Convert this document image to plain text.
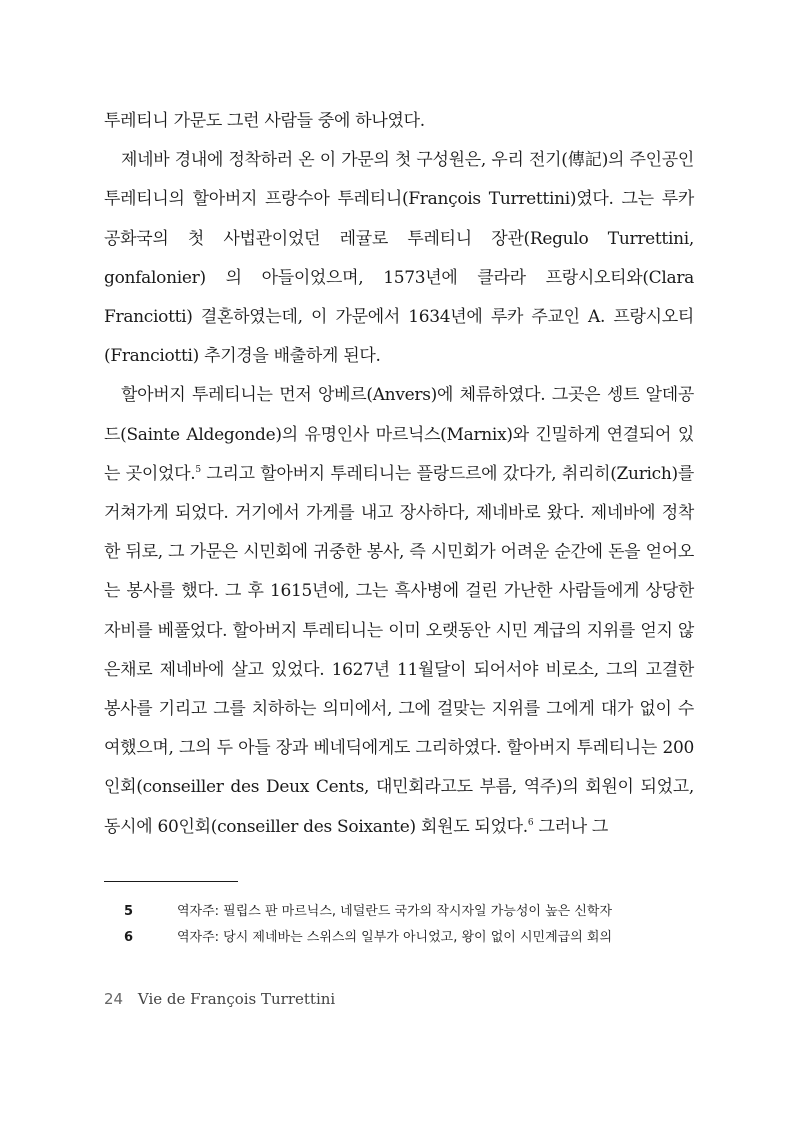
투레티니 가문도 그런 사람들 중에 하나였다.

제네바 경내에 정착하러 온 이 가문의 첫 구성원은, 우리 전기(傳記)의 주인공인 투레티니의 할아버지 프랑수아 투레티니(François Turrettini)였다. 그는 루카 공화국의 첫 사법관이었던 레귤로 투레티니 장관(Regulo Turrettini, gonfalonier) 의 아들이었으며, 1573년에 클라라 프랑시오티와(Clara Franciotti) 결혼하였는데, 이 가문에서 1634년에 루카 주교인 A. 프랑시오티(Franciotti) 추기경을 배출하게 된다.

할아버지 투레티니는 먼저 앙베르(Anvers)에 체류하였다. 그곳은 셍트 알데공드(Sainte Aldegonde)의 유명인사 마르닉스(Marnix)와 긴밀하게 연결되어 있는 곳이었다.$^5$ 그리고 할아버지 투레티니는 플랑드르에 갔다가, 취리히(Zurich)를 거쳐가게 되었다. 거기에서 가게를 내고 장사하다, 제네바로 왔다. 제네바에 정착한 뒤로, 그 가문은 시민회에 귀중한 봉사, 즉 시민회가 어려운 순간에 돈을 얻어오는 봉사를 했다. 그 후 1615년에, 그는 흑사병에 걸린 가난한 사람들에게 상당한 자비를 베풀었다. 할아버지 투레티니는 이미 오랫동안 시민 계급의 지위를 얻지 않은채로 제네바에 살고 있었다. 1627년 11월달이 되어서야 비로소, 그의 고결한 봉사를 기리고 그를 치하하는 의미에서, 그에 걸맞는 지위를 그에게 대가 없이 수여했으며, 그의 두 아들 장과 베네딕에게도 그리하였다. 할아버지 투레티니는 200인회(conseiller des Deux Cents, 대민회라고도 부름, 역주)의 회원이 되었고, 동시에 60인회(conseiller des Soixante) 회원도 되었다.$^6$ 그러나 그

5	역자주: 필립스 판 마르닉스, 네덜란드 국가의 작시자일 가능성이 높은 신학자
6	역자주: 당시 제네바는 스위스의 일부가 아니었고, 왕이 없이 시민계급의 회의
24 Vie de François Turrettini
